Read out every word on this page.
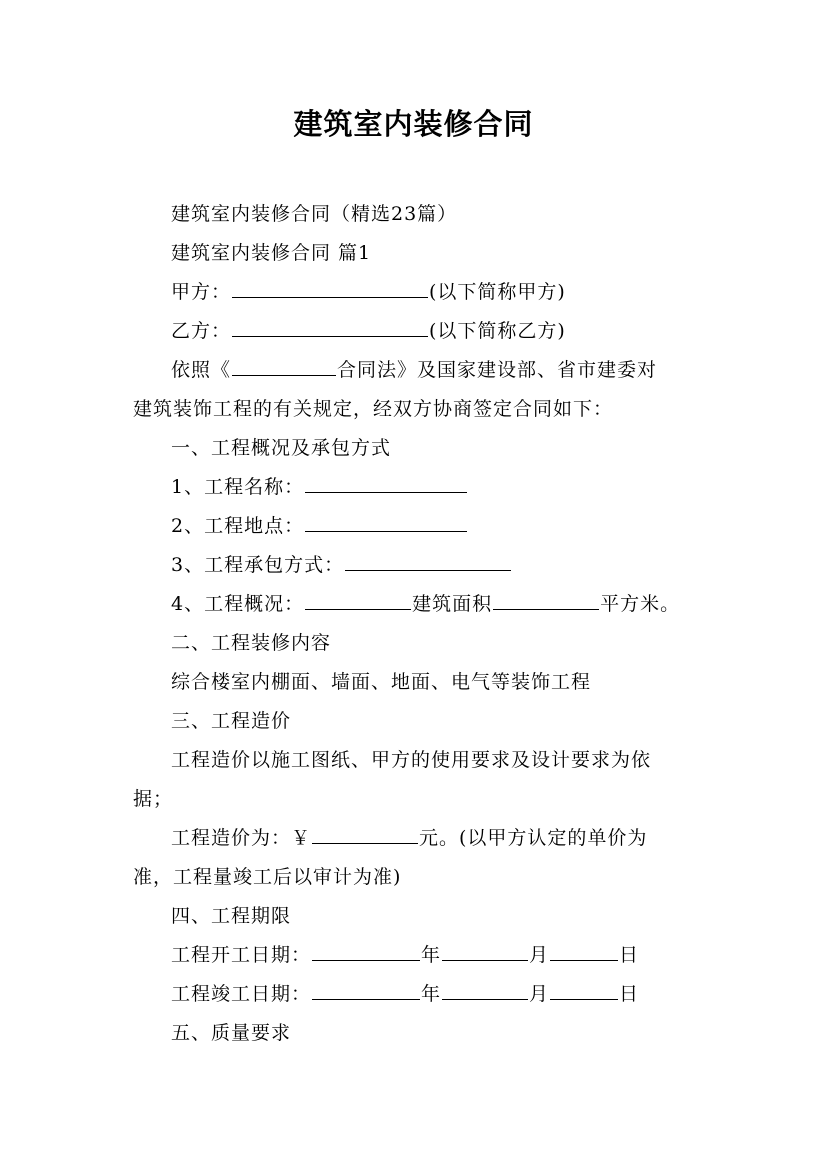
建筑室内装修合同
建筑室内装修合同（精选23篇）
建筑室内装修合同 篇1
甲方：	(以下简称甲方)
乙方：	(以下简称乙方)
依照《	合同法》及国家建设部、省市建委对
建筑装饰工程的有关规定，经双方协商签定合同如下：
一、工程概况及承包方式
1、工程名称：
2、工程地点：
3、工程承包方式：
4、工程概况：	建筑面积	平方米。
二、工程装修内容
综合楼室内棚面、墙面、地面、电气等装饰工程
三、工程造价
工程造价以施工图纸、甲方的使用要求及设计要求为依
据；
工程造价为：￥	元。(以甲方认定的单价为
准，工程量竣工后以审计为准)
四、工程期限
工程开工日期：	年	月	日
工程竣工日期：	年	月	日
五、质量要求
